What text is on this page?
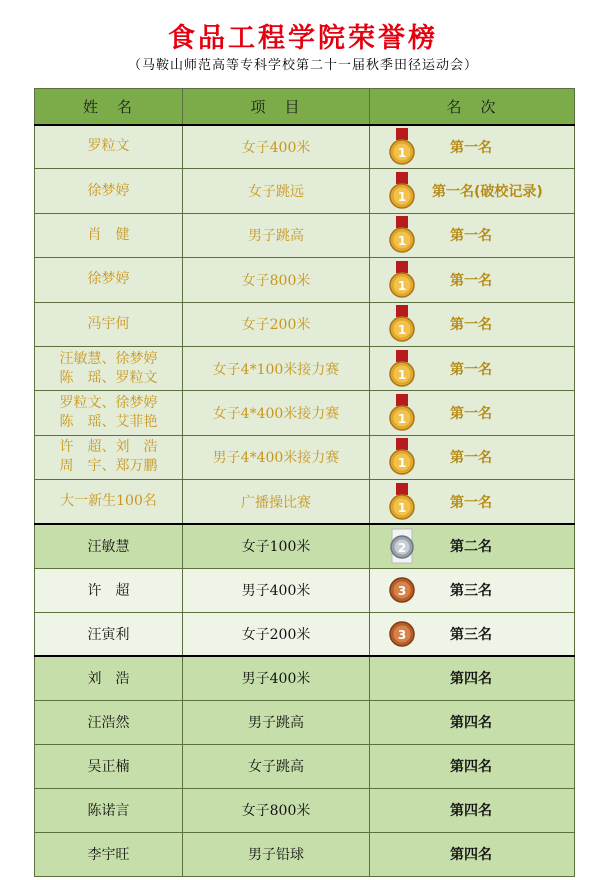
食品工程学院荣誉榜
（马鞍山师范高等专科学校第二十一届秋季田径运动会）
姓　名	项　目	名　次
罗粒文	女子400米	1 第一名

徐梦婷	女子跳远	1 第一名(破校记录)

肖　健	男子跳高	1 第一名

徐梦婷	女子800米	1 第一名

冯宇何	女子200米	1 第一名

汪敏慧、徐梦婷
陈　瑶、罗粒文	女子4*100米接力赛	1 第一名

罗粒文、徐梦婷
陈　瑶、艾菲艳	女子4*400米接力赛	1 第一名

许　超、刘　浩
周　宇、郑万鹏	男子4*400米接力赛	1 第一名

大一新生100名	广播操比赛	1 第一名

汪敏慧	女子100米	2 第二名

许　超	男子400米	3 第三名

汪寅利	女子200米	3 第三名

刘　浩	男子400米	第四名

汪浩然	男子跳高	第四名

吴正楠	女子跳高	第四名

陈诺言	女子800米	第四名

李宇旺	男子铅球	第四名
